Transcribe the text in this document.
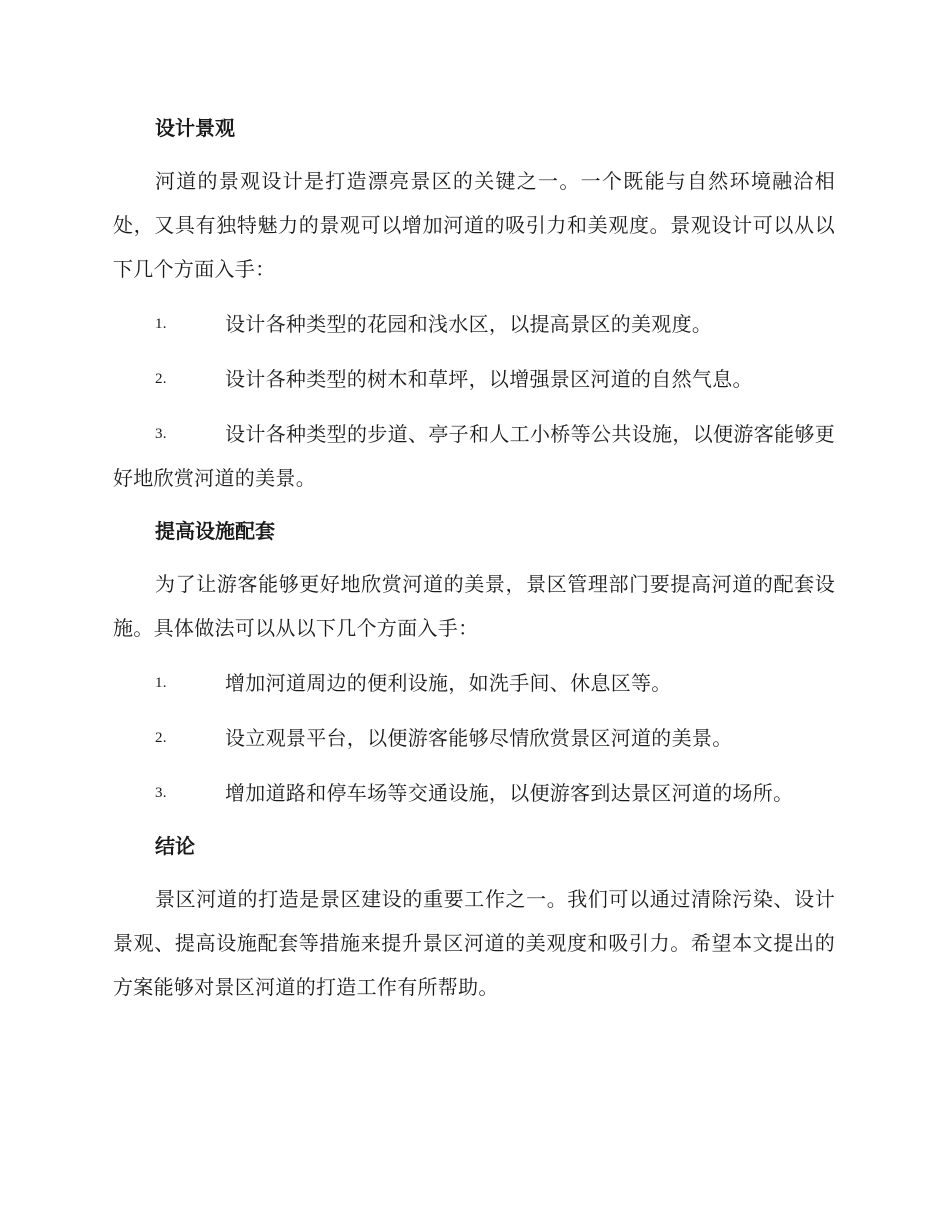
设计景观

河道的景观设计是打造漂亮景区的关键之一。一个既能与自然环境融洽相处，又具有独特魅力的景观可以增加河道的吸引力和美观度。景观设计可以从以下几个方面入手：

1.	设计各种类型的花园和浅水区，以提高景区的美观度。
2.	设计各种类型的树木和草坪，以增强景区河道的自然气息。
3.	设计各种类型的步道、亭子和人工小桥等公共设施，以便游客能够更好地欣赏河道的美景。
提高设施配套

为了让游客能够更好地欣赏河道的美景，景区管理部门要提高河道的配套设施。具体做法可以从以下几个方面入手：

1.	增加河道周边的便利设施，如洗手间、休息区等。
2.	设立观景平台，以便游客能够尽情欣赏景区河道的美景。
3.	增加道路和停车场等交通设施，以便游客到达景区河道的场所。
结论

景区河道的打造是景区建设的重要工作之一。我们可以通过清除污染、设计景观、提高设施配套等措施来提升景区河道的美观度和吸引力。希望本文提出的方案能够对景区河道的打造工作有所帮助。
